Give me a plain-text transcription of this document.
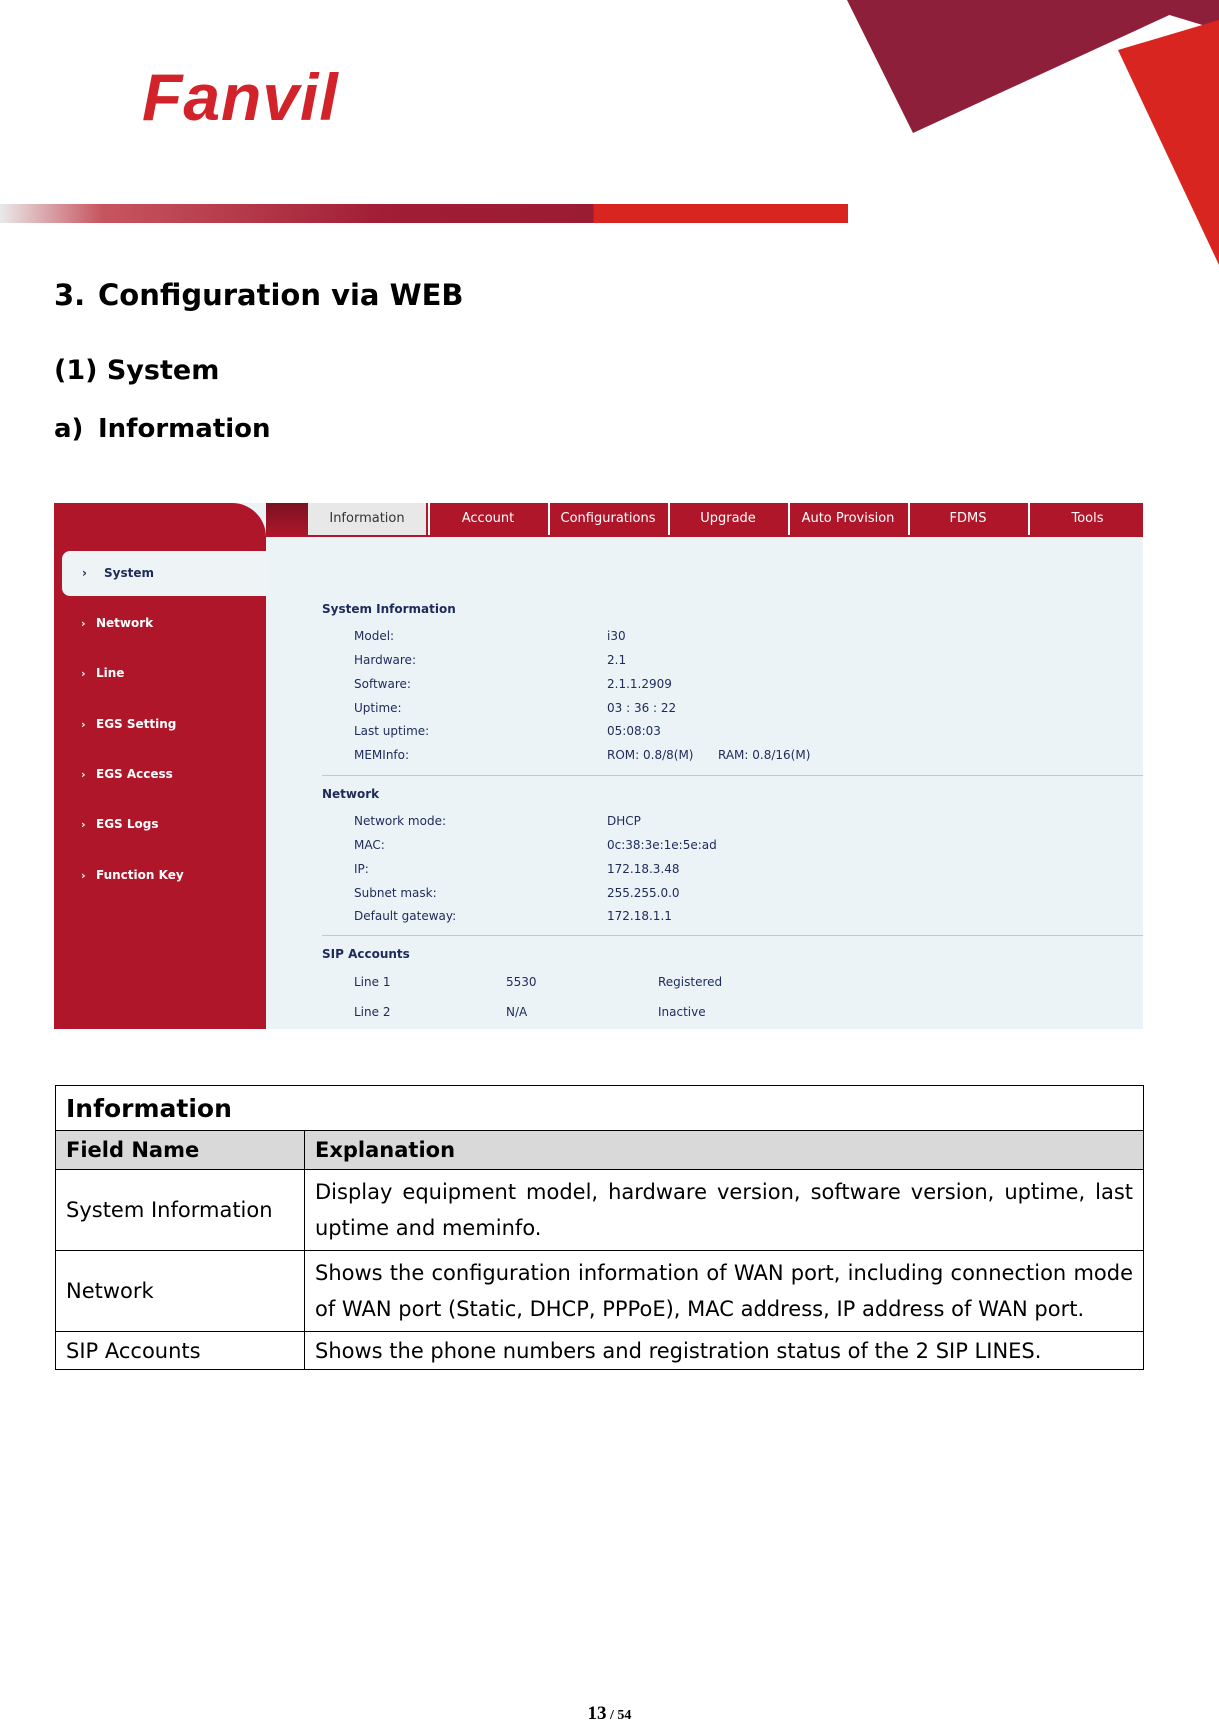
Fanvil
3. Configuration via WEB
(1) System
a) Information
Information	Account	Configurations	Upgrade	Auto Provision	FDMS	Tools
› System
› Network
› Line
› EGS Setting
› EGS Access
› EGS Logs
› Function Key
System Information
Model:	i30
Hardware:	2.1
Software:	2.1.1.2909
Uptime:	03 : 36 : 22
Last uptime:	05:08:03
MEMInfo:	ROM: 0.8/8(M) RAM: 0.8/16(M)
Network
Network mode:	DHCP
MAC:	0c:38:3e:1e:5e:ad
IP:	172.18.3.48
Subnet mask:	255.255.0.0
Default gateway:	172.18.1.1
SIP Accounts
Line 1	5530	Registered
Line 2	N/A	Inactive
Information	
Field Name	Explanation
System Information	Display equipment model, hardware version, software version, uptime, last uptime and meminfo.
Network	Shows the configuration information of WAN port, including connection mode of WAN port (Static, DHCP, PPPoE), MAC address, IP address of WAN port.
SIP Accounts	Shows the phone numbers and registration status of the 2 SIP LINES.
13 / 54
